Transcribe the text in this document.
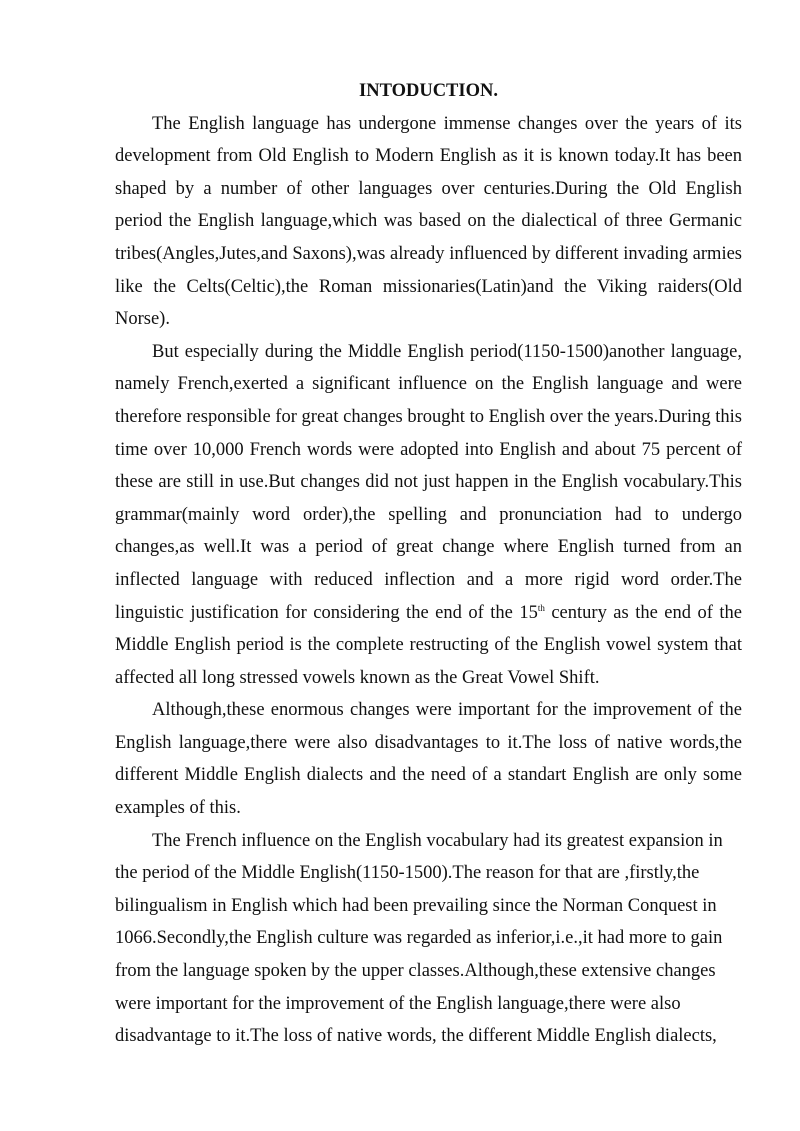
INTODUCTION.

The English language has undergone immense changes over the years of its development from Old English to Modern English as it is known today.It has been shaped by a number of other languages over centuries.During the Old English period the English language,which was based on the dialectical of three Germanic tribes(Angles,Jutes,and Saxons),was already influenced by different invading armies like the Celts(Celtic),the Roman missionaries(Latin)and the Viking raiders(Old Norse).

But especially during the Middle English period(1150-1500)another language, namely French,exerted a significant influence on the English language and were therefore responsible for great changes brought to English over the years.During this time over 10,000 French words were adopted into English and about 75 percent of these are still in use.But changes did not just happen in the English vocabulary.This grammar(mainly word order),the spelling and pronunciation had to undergo changes,as well.It was a period of great change where English turned from an inflected language with reduced inflection and a more rigid word order.The linguistic justification for considering the end of the 15th century as the end of the Middle English period is the complete restructing of the English vowel system that affected all long stressed vowels known as the Great Vowel Shift.

Although,these enormous changes were important for the improvement of the English language,there were also disadvantages to it.The loss of native words,the different Middle English dialects and the need of a standart English are only some examples of this.

The French influence on the English vocabulary had its greatest expansion in the period of the Middle English(1150-1500).The reason for that are ,firstly,the bilingualism in English which had been prevailing since the Norman Conquest in 1066.Secondly,the English culture was regarded as inferior,i.e.,it had more to gain from the language spoken by the upper classes.Although,these extensive changes were important for the improvement of the English language,there were also disadvantage to it.The loss of native words, the different Middle English dialects,
